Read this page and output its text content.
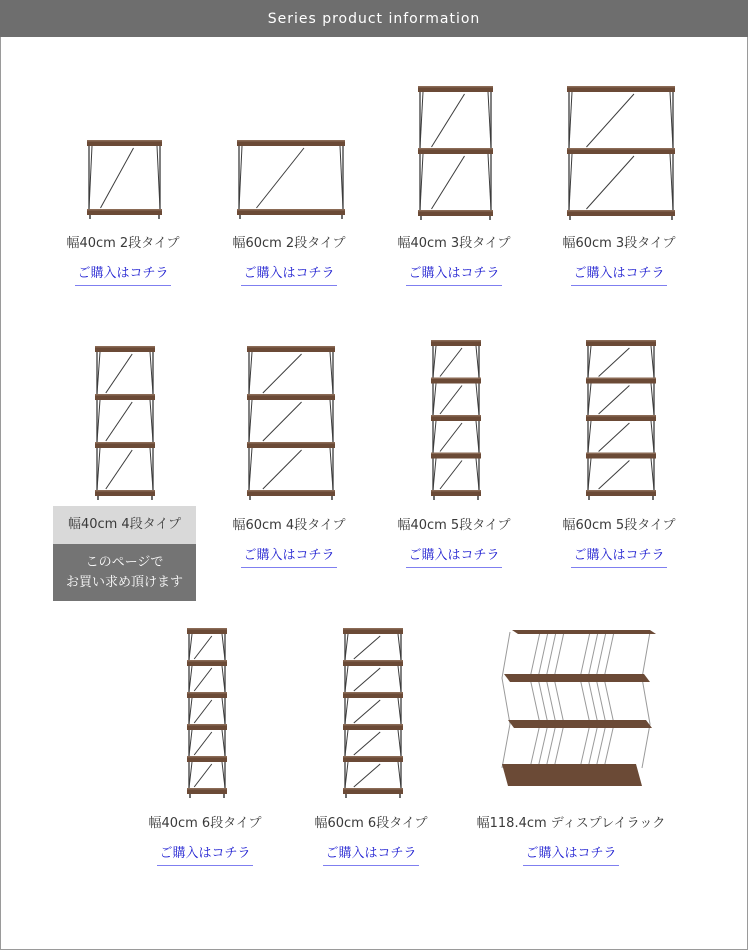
Series product information
幅40cm 2段タイプ
ご購入はコチラ
幅60cm 2段タイプ
ご購入はコチラ
幅40cm 3段タイプ
ご購入はコチラ
幅60cm 3段タイプ
ご購入はコチラ
幅40cm 4段タイプ
このページで
お買い求め頂けます
幅60cm 4段タイプ
ご購入はコチラ
幅40cm 5段タイプ
ご購入はコチラ
幅60cm 5段タイプ
ご購入はコチラ
幅40cm 6段タイプ
ご購入はコチラ
幅60cm 6段タイプ
ご購入はコチラ
幅118.4cm ディスプレイラック
ご購入はコチラ
